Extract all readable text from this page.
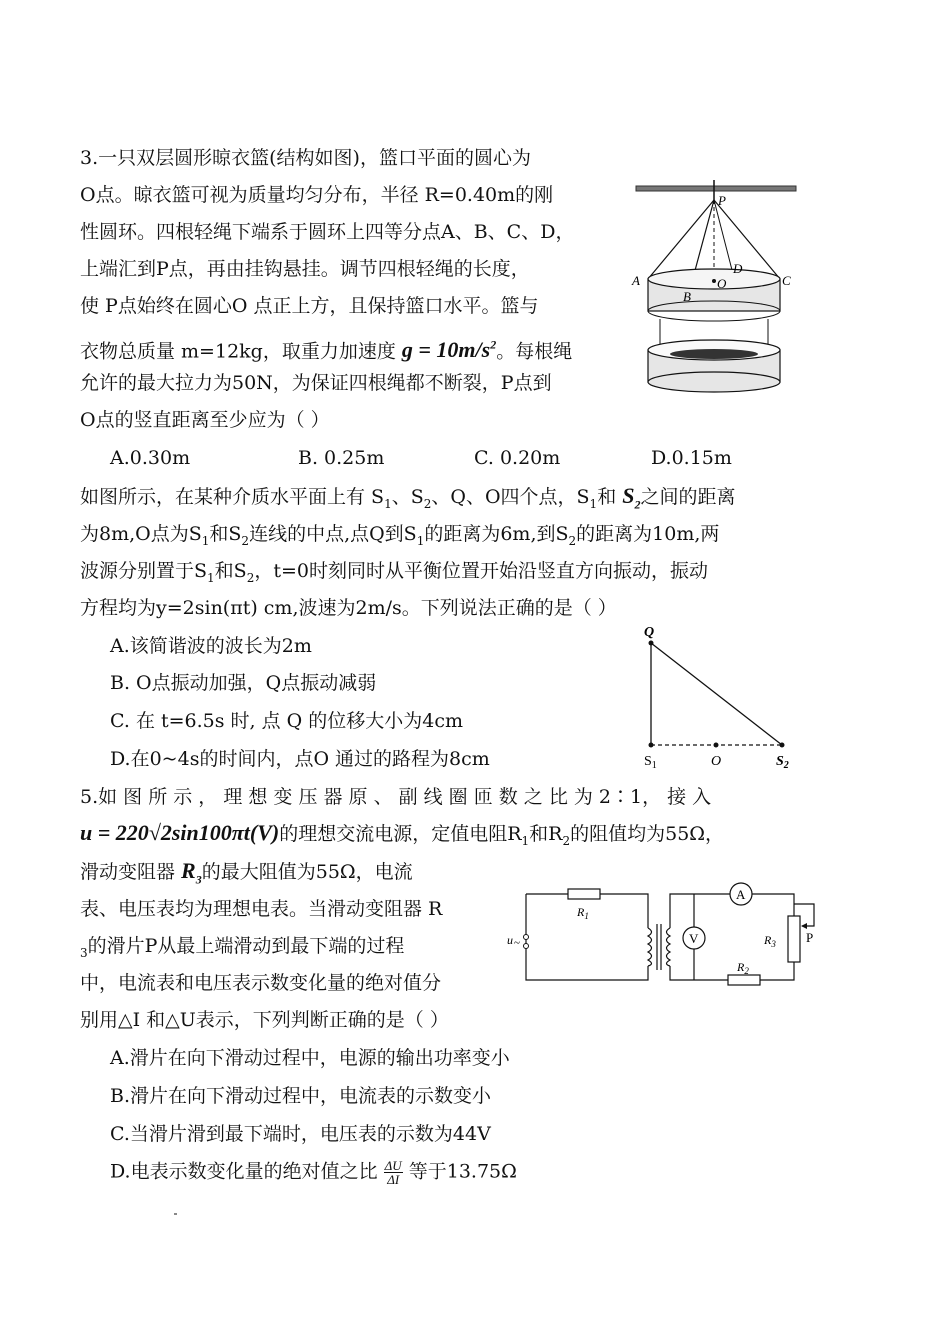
3.一只双层圆形晾衣篮(结构如图)，篮口平面的圆心为
O点。晾衣篮可视为质量均匀分布，半径 R=0.40m的刚
性圆环。四根轻绳下端系于圆环上四等分点A、B、C、D，
上端汇到P点，再由挂钩悬挂。调节四根轻绳的长度，
使 P点始终在圆心O 点正上方，且保持篮口水平。篮与
衣物总质量 m=12kg，取重力加速度 $g = 10m/s^2$。每根绳
允许的最大拉力为50N，为保证四根绳都不断裂，P点到
O点的竖直距离至少应为（ ）
A.0.30m	B. 0.25m	C. 0.20m	D.0.15m
P
A
B
C
D
O
如图所示，在某种介质水平面上有 $S_1$、$S_2$、Q、O四个点，$S_1$和 $S_2$之间的距离
为8m,O点为$S_1$和$S_2$连线的中点,点Q到$S_1$的距离为6m,到$S_2$的距离为10m,两
波源分别置于$S_1$和$S_2$，t=0时刻同时从平衡位置开始沿竖直方向振动，振动
方程均为y=2sin(πt) cm,波速为2m/s。下列说法正确的是（ ）
A.该简谐波的波长为2m
B. O点振动加强，Q点振动减弱
C. 在 t=6.5s 时, 点 Q 的位移大小为4cm
D.在0~4s的时间内，点O 通过的路程为8cm
Q
$S_1$	O	$S_2$
5.如 图 所 示 ， 理 想 变 压 器 原 、 副 线 圈 匝 数 之 比 为 2∶1， 接 入
u = 220√2sin100πt(V)的理想交流电源，定值电阻$R_1$和$R_2$的阻值均为55Ω，
滑动变阻器 $R_3$的最大阻值为55Ω，电流
表、电压表均为理想电表。当滑动变阻器 R
$_3$的滑片P从最上端滑动到最下端的过程
中，电流表和电压表示数变化量的绝对值分
别用△I 和△U表示，下列判断正确的是（ ）
A.滑片在向下滑动过程中，电源的输出功率变小
B.滑片在向下滑动过程中，电流表的示数变小
C.当滑片滑到最下端时，电压表的示数为44V
D.电表示数变化量的绝对值之比 $\frac{\Delta U}{\Delta I}$ 等于13.75Ω
$R_1$
u ~	V
A
$R_3$ P
$R_2$
